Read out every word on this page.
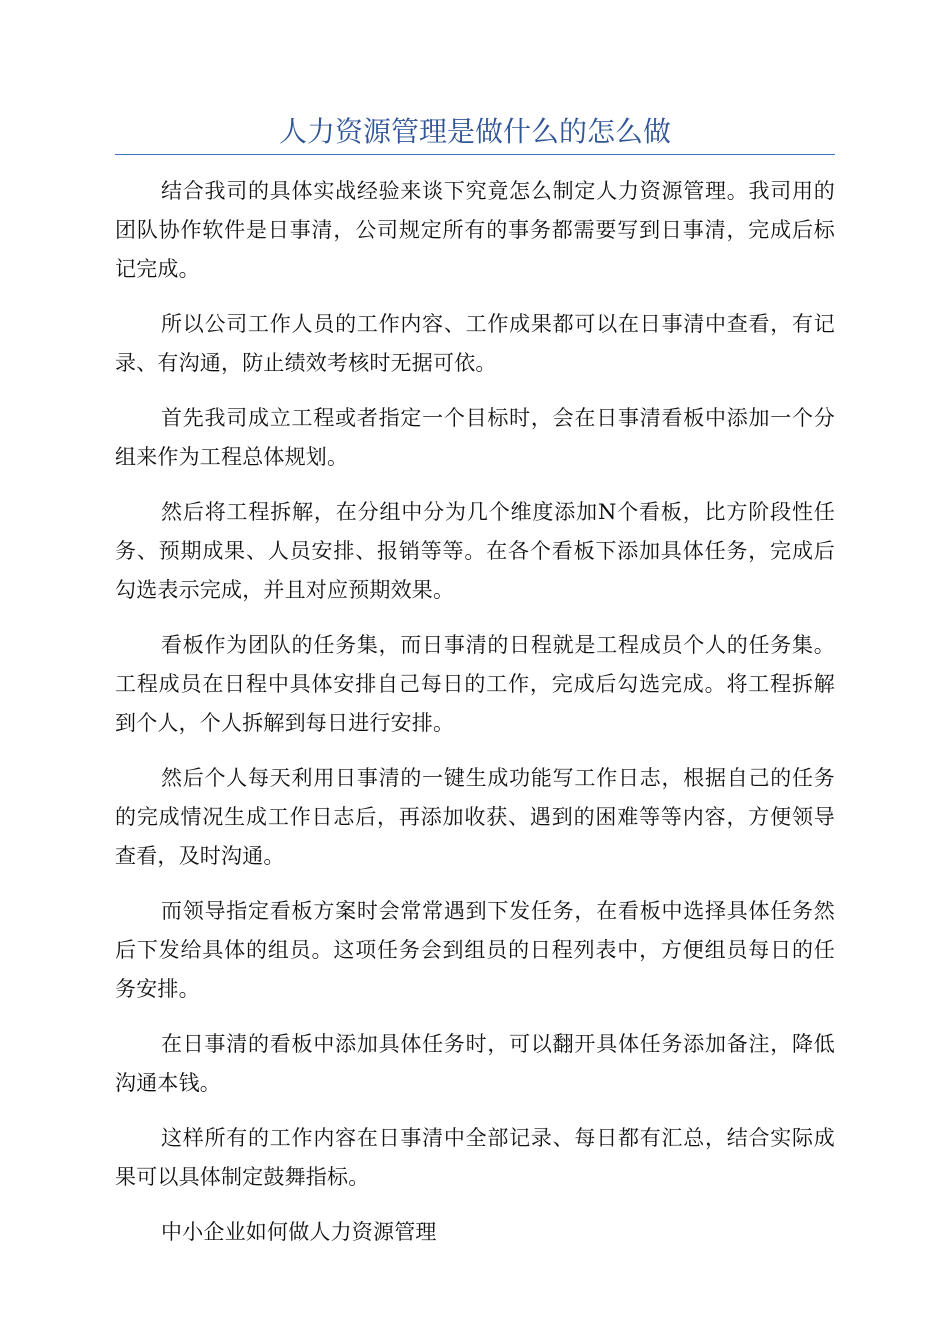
人力资源管理是做什么的怎么做

结合我司的具体实战经验来谈下究竟怎么制定人力资源管理。我司用的团队协作软件是日事清，公司规定所有的事务都需要写到日事清，完成后标记完成。

所以公司工作人员的工作内容、工作成果都可以在日事清中查看，有记录、有沟通，防止绩效考核时无据可依。

首先我司成立工程或者指定一个目标时，会在日事清看板中添加一个分组来作为工程总体规划。

然后将工程拆解，在分组中分为几个维度添加N个看板，比方阶段性任务、预期成果、人员安排、报销等等。在各个看板下添加具体任务，完成后勾选表示完成，并且对应预期效果。

看板作为团队的任务集，而日事清的日程就是工程成员个人的任务集。工程成员在日程中具体安排自己每日的工作，完成后勾选完成。将工程拆解到个人，个人拆解到每日进行安排。

然后个人每天利用日事清的一键生成功能写工作日志，根据自己的任务的完成情况生成工作日志后，再添加收获、遇到的困难等等内容，方便领导查看，及时沟通。

而领导指定看板方案时会常常遇到下发任务，在看板中选择具体任务然后下发给具体的组员。这项任务会到组员的日程列表中，方便组员每日的任务安排。

在日事清的看板中添加具体任务时，可以翻开具体任务添加备注，降低沟通本钱。

这样所有的工作内容在日事清中全部记录、每日都有汇总，结合实际成果可以具体制定鼓舞指标。

中小企业如何做人力资源管理
